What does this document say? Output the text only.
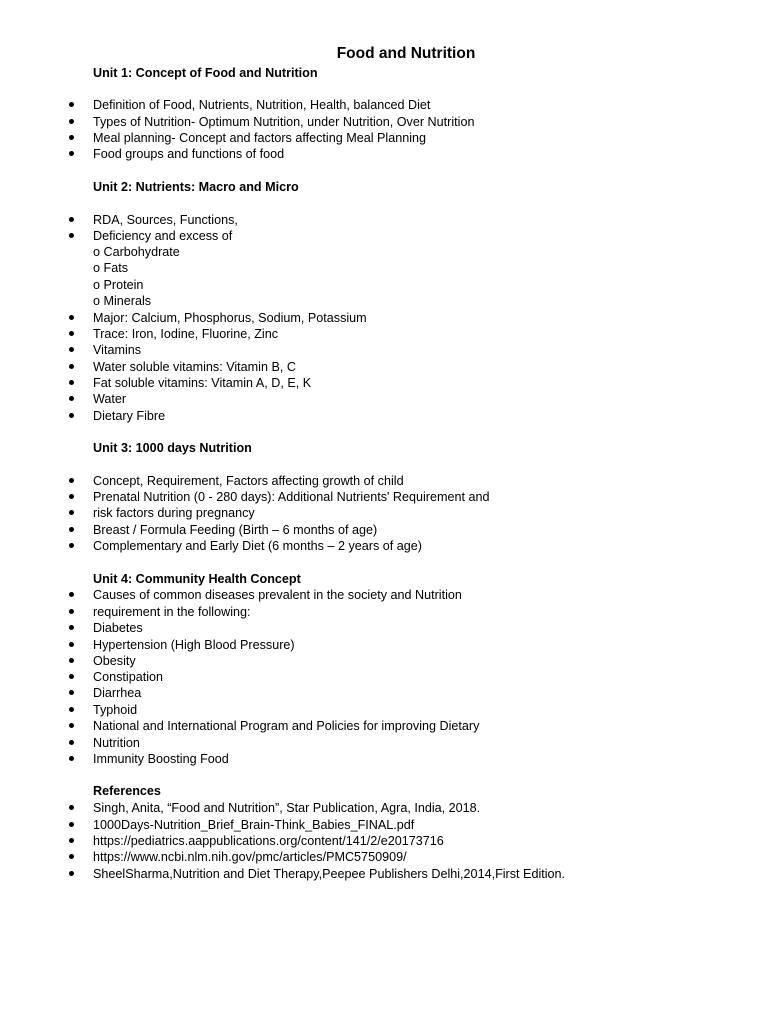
Food and Nutrition
Unit 1: Concept of Food and Nutrition
Definition of Food, Nutrients, Nutrition, Health, balanced Diet
Types of Nutrition- Optimum Nutrition, under Nutrition, Over Nutrition
Meal planning- Concept and factors affecting Meal Planning
Food groups and functions of food
Unit 2: Nutrients: Macro and Micro
RDA, Sources, Functions,
Deficiency and excess of
o Carbohydrate
o Fats
o Protein
o Minerals
Major: Calcium, Phosphorus, Sodium, Potassium
Trace: Iron, Iodine, Fluorine, Zinc
Vitamins
Water soluble vitamins: Vitamin B, C
Fat soluble vitamins: Vitamin A, D, E, K
Water
Dietary Fibre
Unit 3: 1000 days Nutrition
Concept, Requirement, Factors affecting growth of child
Prenatal Nutrition (0 - 280 days): Additional Nutrients' Requirement and
risk factors during pregnancy
Breast / Formula Feeding (Birth – 6 months of age)
Complementary and Early Diet (6 months – 2 years of age)
Unit 4: Community Health Concept
Causes of common diseases prevalent in the society and Nutrition
requirement in the following:
Diabetes
Hypertension (High Blood Pressure)
Obesity
Constipation
Diarrhea
Typhoid
National and International Program and Policies for improving Dietary
Nutrition
Immunity Boosting Food
References
Singh, Anita, “Food and Nutrition”, Star Publication, Agra, India, 2018.
1000Days-Nutrition_Brief_Brain-Think_Babies_FINAL.pdf
https://pediatrics.aappublications.org/content/141/2/e20173716
https://www.ncbi.nlm.nih.gov/pmc/articles/PMC5750909/
SheelSharma,Nutrition and Diet Therapy,Peepee Publishers Delhi,2014,First Edition.
